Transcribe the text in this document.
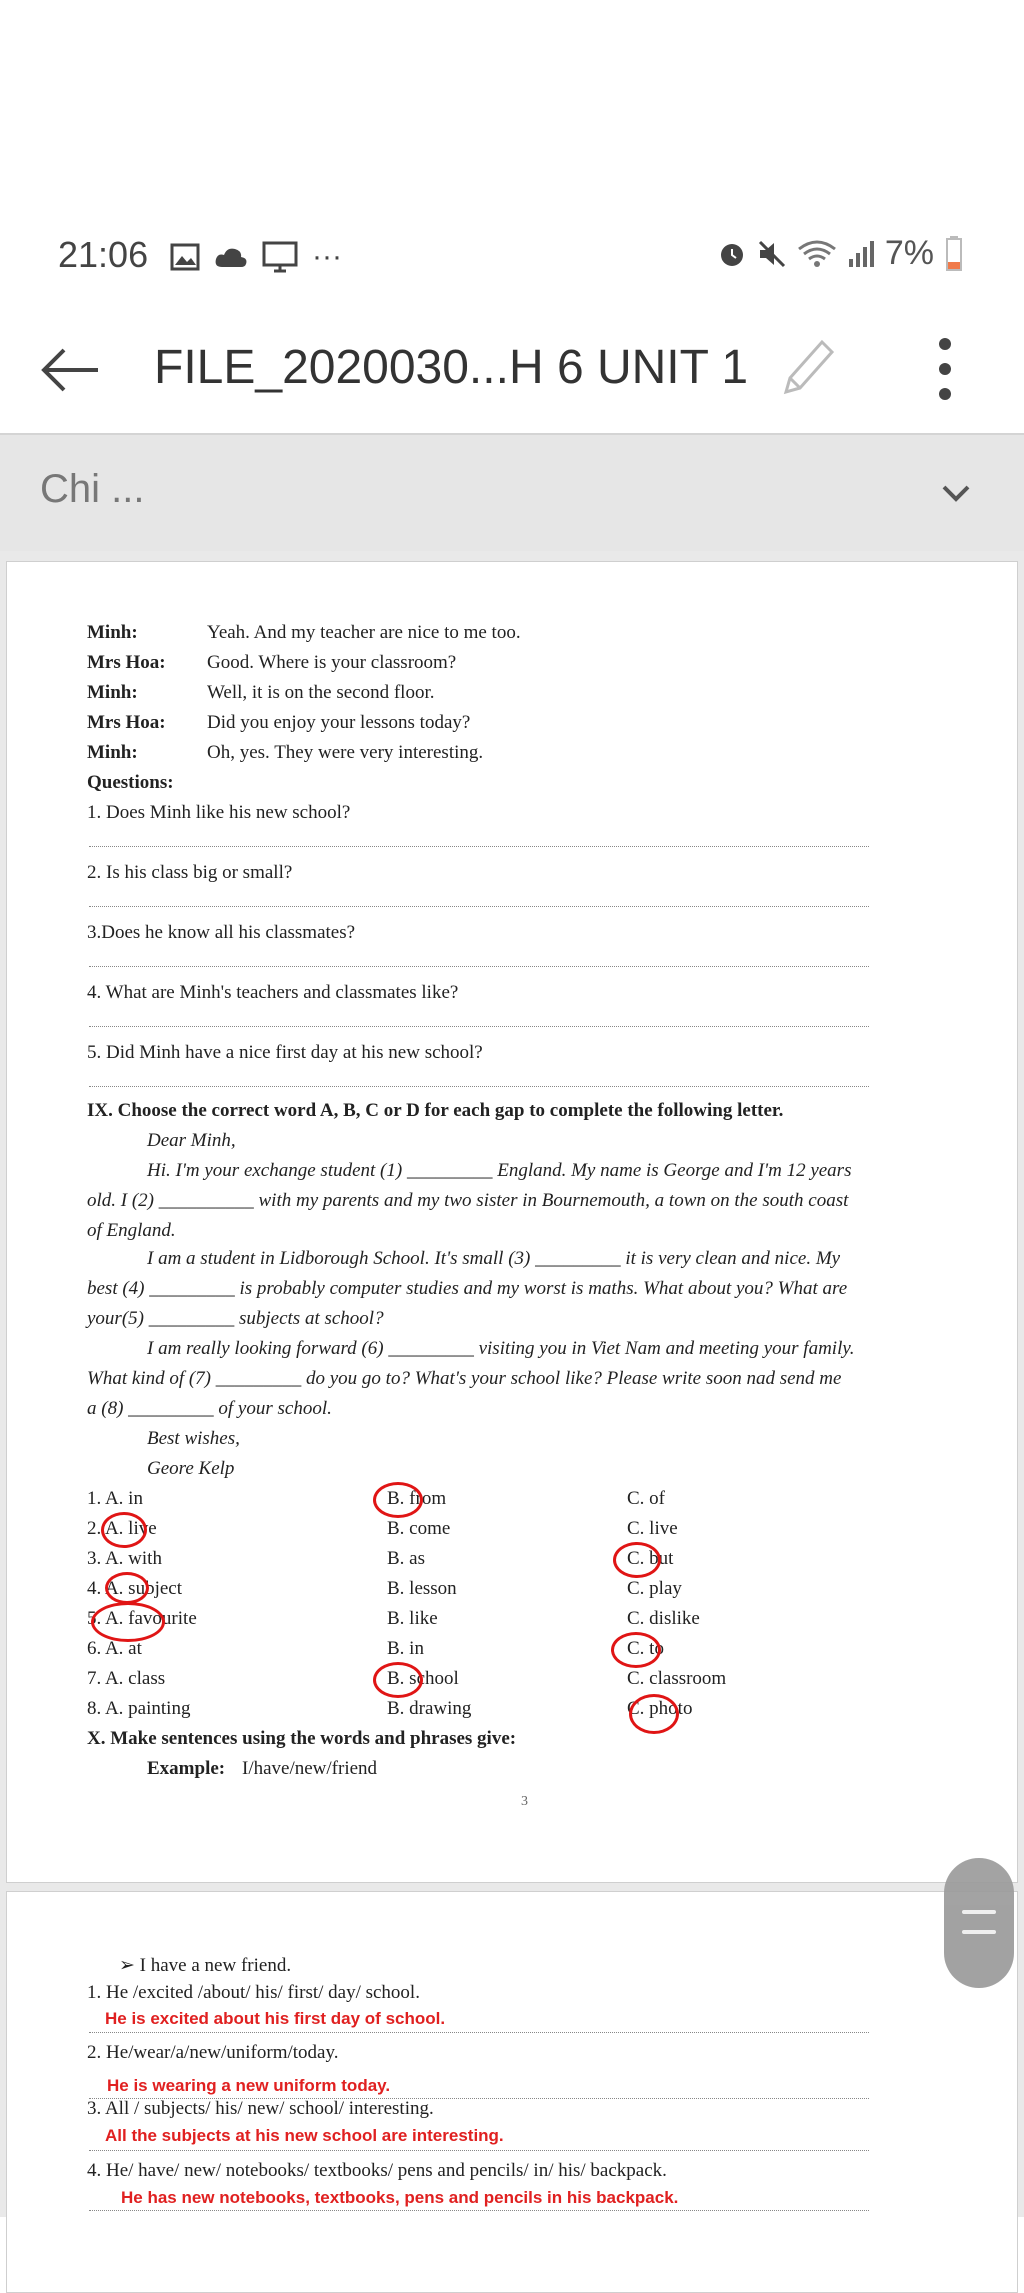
21:06	···	7%
FILE_2020030...H 6 UNIT 1
Chi ...
Minh:	Yeah. And my teacher are nice to me too.
Mrs Hoa: Good. Where is your classroom?
Minh:	Well, it is on the second floor.
Mrs Hoa: Did you enjoy your lessons today?
Minh:	Oh, yes. They were very interesting.
Questions:
1. Does Minh like his new school?
2. Is his class big or small?
3.Does he know all his classmates?
4. What are Minh's teachers and classmates like?
5. Did Minh have a nice first day at his new school?
IX. Choose the correct word A, B, C or D for each gap to complete the following letter.
Dear Minh,
Hi. I'm your exchange student (1) _________ England. My name is George and I'm 12 years
old. I (2) __________ with my parents and my two sister in Bournemouth, a town on the south coast
of England.
I am a student in Lidborough School. It's small (3) _________ it is very clean and nice. My
best (4) _________ is probably computer studies and my worst is maths. What about you? What are
your(5) _________ subjects at school?
I am really looking forward (6) _________ visiting you in Viet Nam and meeting your family.
What kind of (7) _________ do you go to? What's your school like? Please write soon nad send me
a (8) _________ of your school.
Best wishes,
Geore Kelp
1. A. in	B. from	C. of
2. A. live	B. come	C. live
3. A. with	B. as	C. but
4. A. subject	B. lesson	C. play
5. A. favourite	B. like	C. dislike
6. A. at	B. in	C. to
7. A. class	B. school	C. classroom
8. A. painting	B. drawing	C. photo
X. Make sentences using the words and phrases give:
Example: I/have/new/friend
3
➢ I have a new friend.
1. He /excited /about/ his/ first/ day/ school.
He is excited about his first day of school.
2. He/wear/a/new/uniform/today.
He is wearing a new uniform today.
3. All / subjects/ his/ new/ school/ interesting.
All the subjects at his new school are interesting.
4. He/ have/ new/ notebooks/ textbooks/ pens and pencils/ in/ his/ backpack.
He has new notebooks, textbooks, pens and pencils in his backpack.
